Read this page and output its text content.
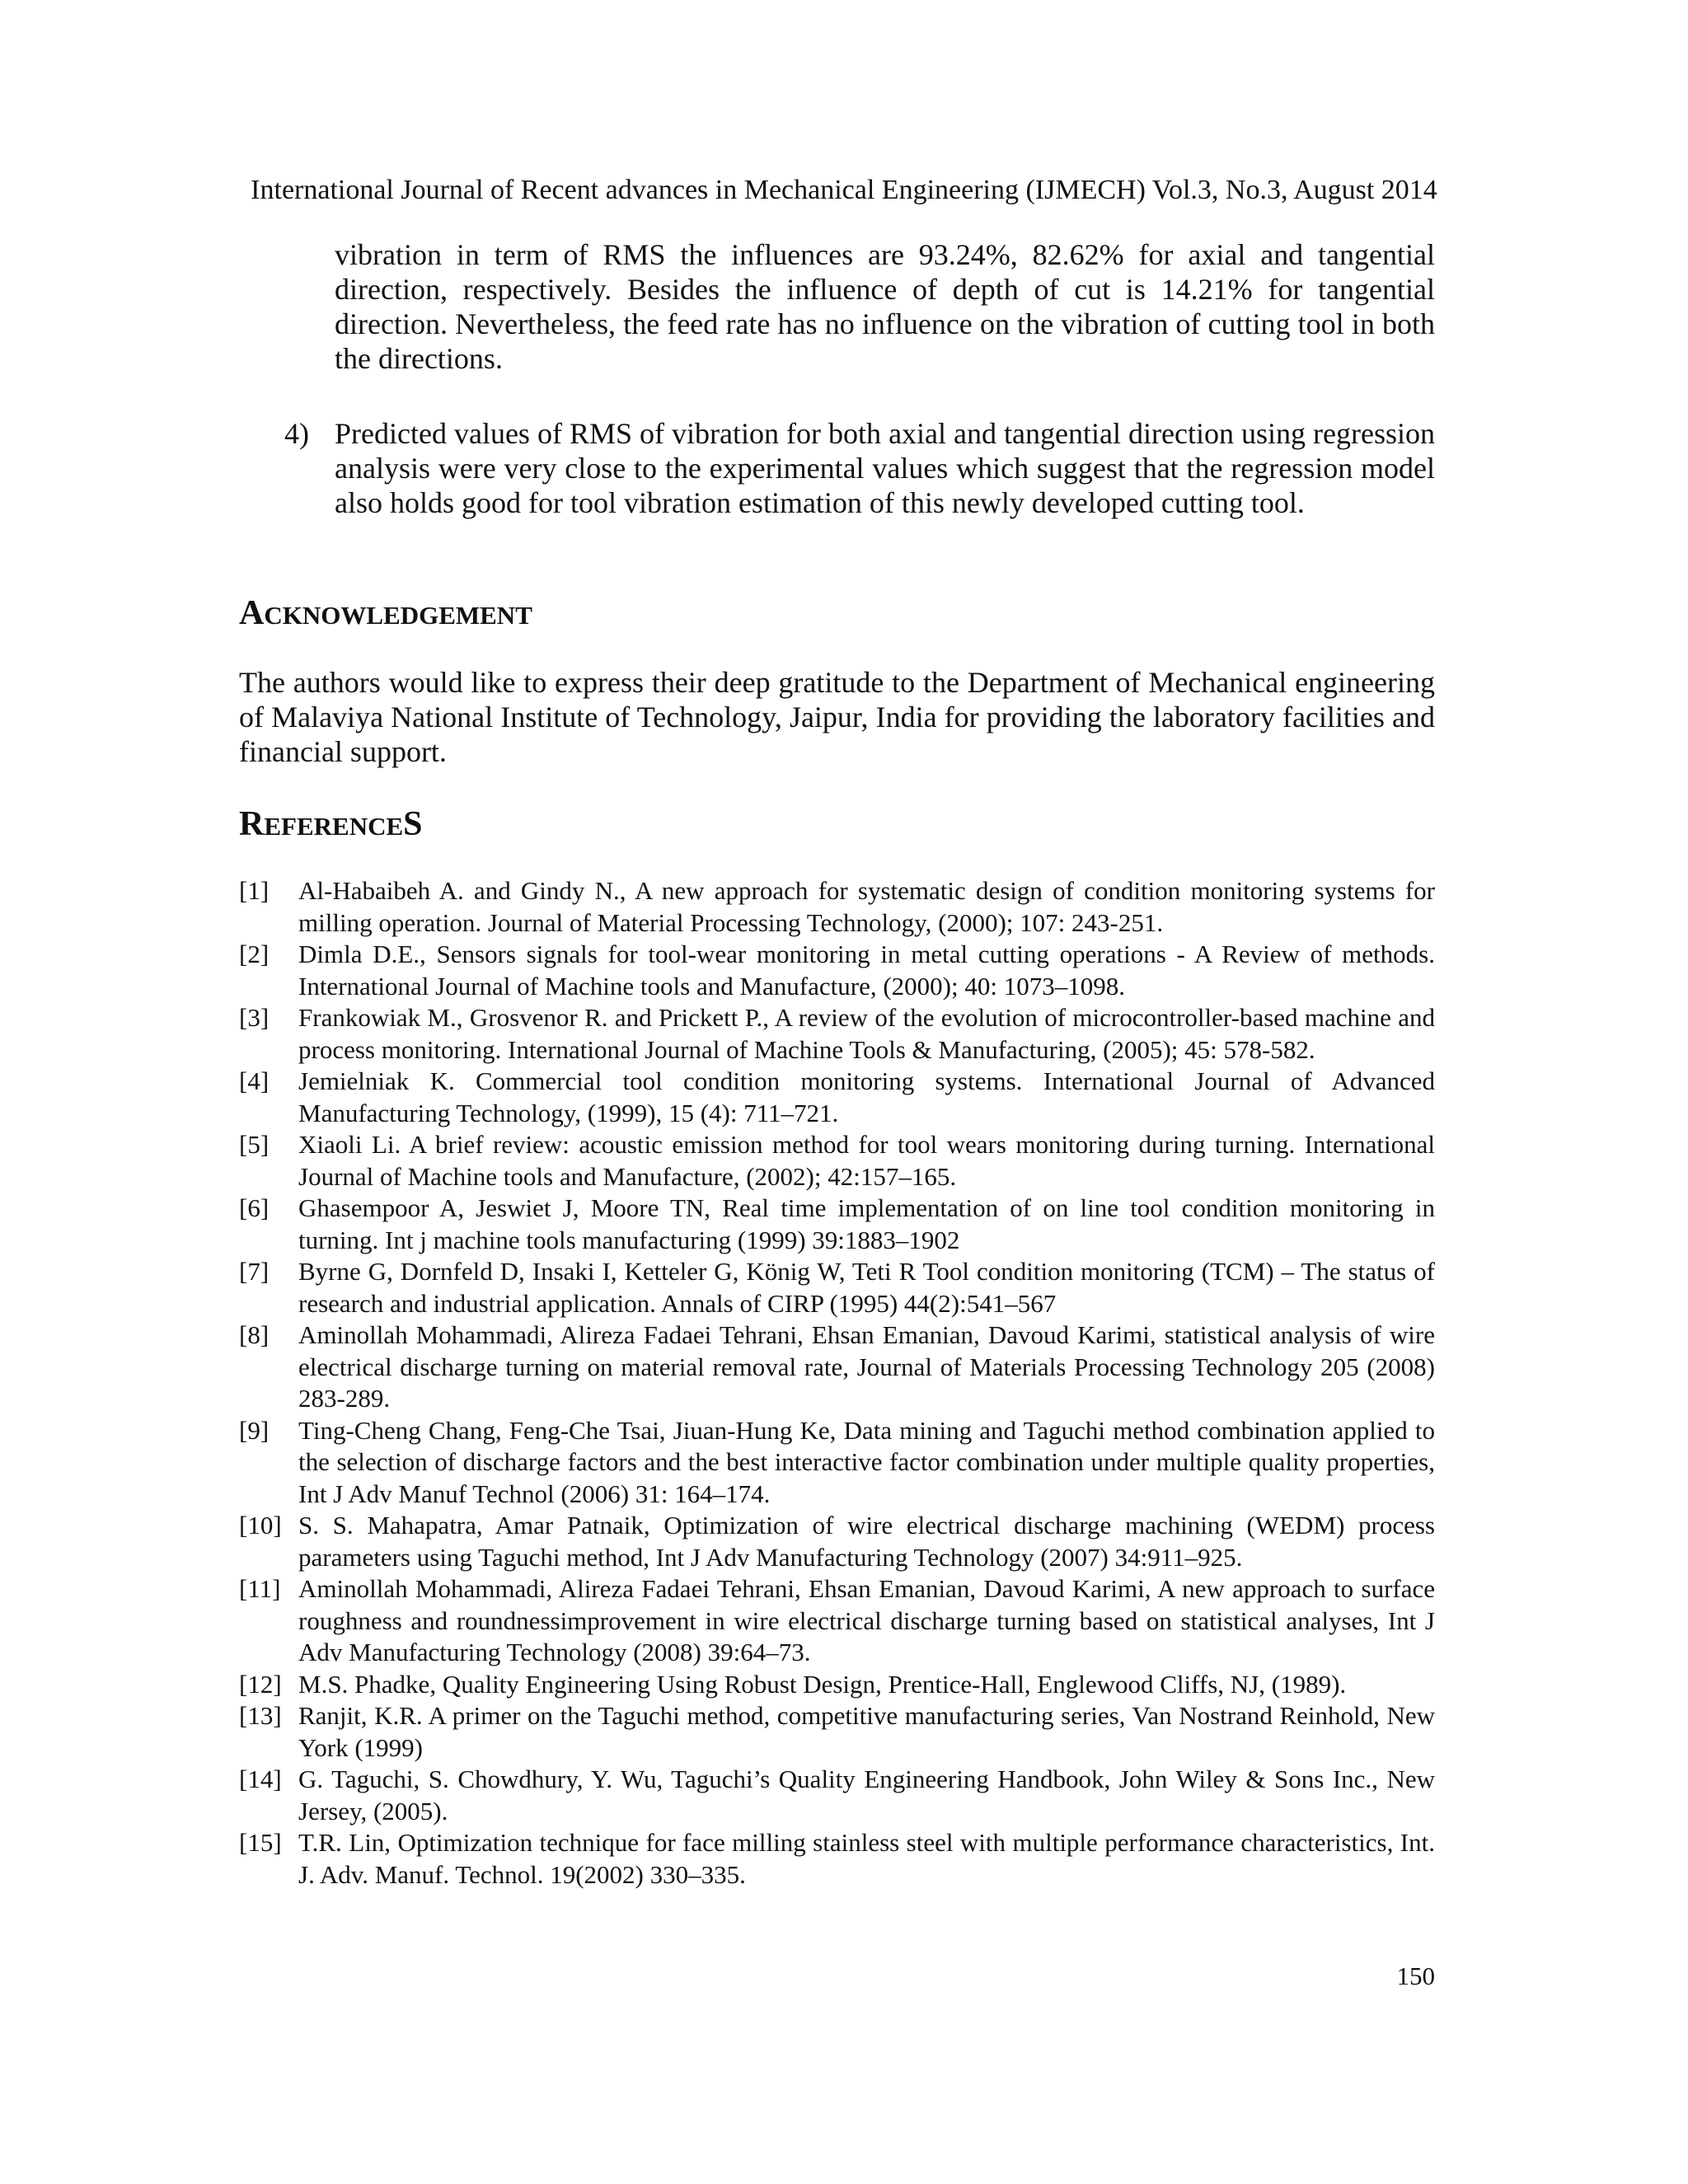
International Journal of Recent advances in Mechanical Engineering (IJMECH) Vol.3, No.3, August 2014
vibration in term of RMS the influences are 93.24%, 82.62% for axial and tangential direction, respectively. Besides the influence of depth of cut is 14.21% for tangential direction. Nevertheless, the feed rate has no influence on the vibration of cutting tool in both the directions.
4) Predicted values of RMS of vibration for both axial and tangential direction using regression analysis were very close to the experimental values which suggest that the regression model also holds good for tool vibration estimation of this newly developed cutting tool.
ACKNOWLEDGEMENT
The authors would like to express their deep gratitude to the Department of Mechanical engineering of Malaviya National Institute of Technology, Jaipur, India for providing the laboratory facilities and financial support.
REFERENCES
[1] Al-Habaibeh A. and Gindy N., A new approach for systematic design of condition monitoring systems for milling operation. Journal of Material Processing Technology, (2000); 107: 243-251.
[2] Dimla D.E., Sensors signals for tool-wear monitoring in metal cutting operations - A Review of methods. International Journal of Machine tools and Manufacture, (2000); 40: 1073–1098.
[3] Frankowiak M., Grosvenor R. and Prickett P., A review of the evolution of microcontroller-based machine and process monitoring. International Journal of Machine Tools & Manufacturing, (2005); 45: 578-582.
[4] Jemielniak K. Commercial tool condition monitoring systems. International Journal of Advanced Manufacturing Technology, (1999), 15 (4): 711–721.
[5] Xiaoli Li. A brief review: acoustic emission method for tool wears monitoring during turning. International Journal of Machine tools and Manufacture, (2002); 42:157–165.
[6] Ghasempoor A, Jeswiet J, Moore TN, Real time implementation of on line tool condition monitoring in turning. Int j machine tools manufacturing (1999) 39:1883–1902
[7] Byrne G, Dornfeld D, Insaki I, Ketteler G, König W, Teti R Tool condition monitoring (TCM) – The status of research and industrial application. Annals of CIRP (1995) 44(2):541–567
[8] Aminollah Mohammadi, Alireza Fadaei Tehrani, Ehsan Emanian, Davoud Karimi, statistical analysis of wire electrical discharge turning on material removal rate, Journal of Materials Processing Technology 205 (2008) 283-289.
[9] Ting-Cheng Chang, Feng-Che Tsai, Jiuan-Hung Ke, Data mining and Taguchi method combination applied to the selection of discharge factors and the best interactive factor combination under multiple quality properties, Int J Adv Manuf Technol (2006) 31: 164–174.
[10] S. S. Mahapatra, Amar Patnaik, Optimization of wire electrical discharge machining (WEDM) process parameters using Taguchi method, Int J Adv Manufacturing Technology (2007) 34:911–925.
[11] Aminollah Mohammadi, Alireza Fadaei Tehrani, Ehsan Emanian, Davoud Karimi, A new approach to surface roughness and roundnessimprovement in wire electrical discharge turning based on statistical analyses, Int J Adv Manufacturing Technology (2008) 39:64–73.
[12] M.S. Phadke, Quality Engineering Using Robust Design, Prentice-Hall, Englewood Cliffs, NJ, (1989).
[13] Ranjit, K.R. A primer on the Taguchi method, competitive manufacturing series, Van Nostrand Reinhold, New York (1999)
[14] G. Taguchi, S. Chowdhury, Y. Wu, Taguchi’s Quality Engineering Handbook, John Wiley & Sons Inc., New Jersey, (2005).
[15] T.R. Lin, Optimization technique for face milling stainless steel with multiple performance characteristics, Int. J. Adv. Manuf. Technol. 19(2002) 330–335.
150
